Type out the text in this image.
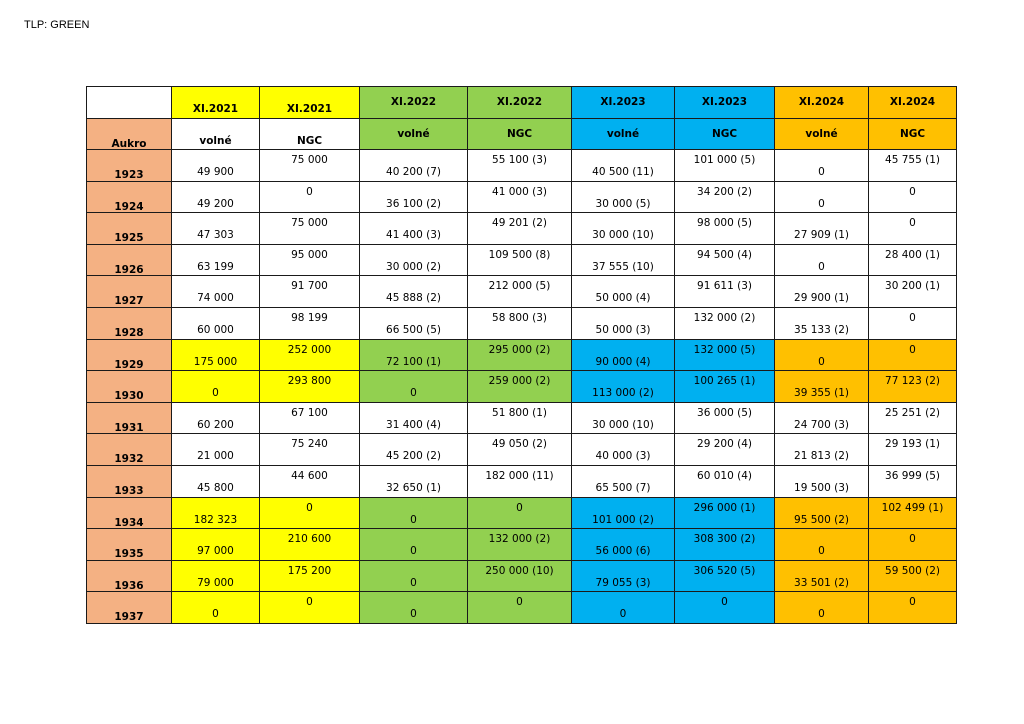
TLP: GREEN
	XI.2021	XI.2021	XI.2022	XI.2022	XI.2023	XI.2023	XI.2024	XI.2024
Aukro	volné	NGC	volné	NGC	volné	NGC	volné	NGC
1923	49 900	75 000	40 200 (7)	55 100 (3)	40 500 (11)	101 000 (5)	0	45 755 (1)
1924	49 200	0	36 100 (2)	41 000 (3)	30 000 (5)	34 200 (2)	0	0
1925	47 303	75 000	41 400 (3)	49 201 (2)	30 000 (10)	98 000 (5)	27 909 (1)	0
1926	63 199	95 000	30 000 (2)	109 500 (8)	37 555 (10)	94 500 (4)	0	28 400 (1)
1927	74 000	91 700	45 888 (2)	212 000 (5)	50 000 (4)	91 611 (3)	29 900 (1)	30 200 (1)
1928	60 000	98 199	66 500 (5)	58 800 (3)	50 000 (3)	132 000 (2)	35 133 (2)	0
1929	175 000	252 000	72 100 (1)	295 000 (2)	90 000 (4)	132 000 (5)	0	0
1930	0	293 800	0	259 000 (2)	113 000 (2)	100 265 (1)	39 355 (1)	77 123 (2)
1931	60 200	67 100	31 400 (4)	51 800 (1)	30 000 (10)	36 000 (5)	24 700 (3)	25 251 (2)
1932	21 000	75 240	45 200 (2)	49 050 (2)	40 000 (3)	29 200 (4)	21 813 (2)	29 193 (1)
1933	45 800	44 600	32 650 (1)	182 000 (11)	65 500 (7)	60 010 (4)	19 500 (3)	36 999 (5)
1934	182 323	0	0	0	101 000 (2)	296 000 (1)	95 500 (2)	102 499 (1)
1935	97 000	210 600	0	132 000 (2)	56 000 (6)	308 300 (2)	0	0
1936	79 000	175 200	0	250 000 (10)	79 055 (3)	306 520 (5)	33 501 (2)	59 500 (2)
1937	0	0	0	0	0	0	0	0
